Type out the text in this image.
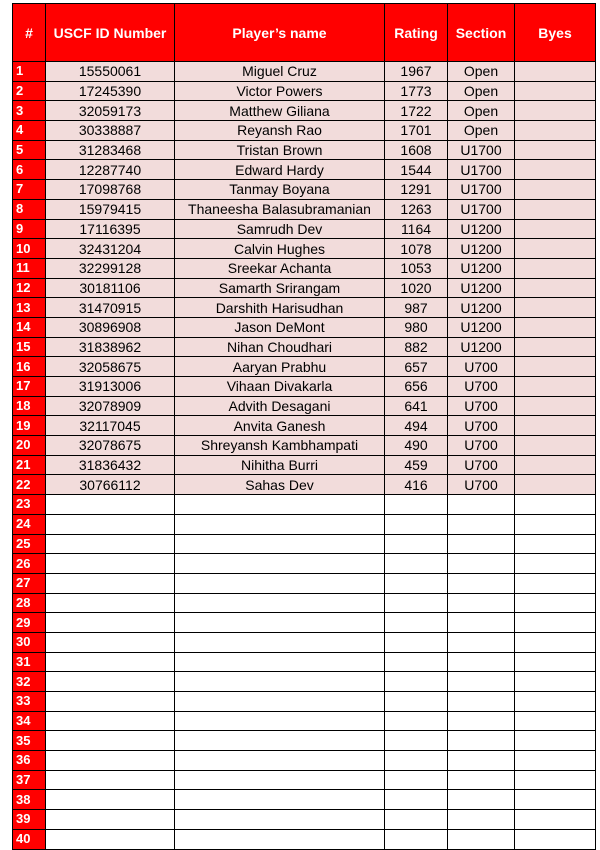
#	USCF ID Number	Player’s name	Rating	Section	Byes
1	15550061	Miguel Cruz	1967	Open	
2	17245390	Victor Powers	1773	Open	
3	32059173	Matthew Giliana	1722	Open	
4	30338887	Reyansh Rao	1701	Open	
5	31283468	Tristan Brown	1608	U1700	
6	12287740	Edward Hardy	1544	U1700	
7	17098768	Tanmay Boyana	1291	U1700	
8	15979415	Thaneesha Balasubramanian	1263	U1700	
9	17116395	Samrudh Dev	1164	U1200	
10	32431204	Calvin Hughes	1078	U1200	
11	32299128	Sreekar Achanta	1053	U1200	
12	30181106	Samarth Srirangam	1020	U1200	
13	31470915	Darshith Harisudhan	987	U1200	
14	30896908	Jason DeMont	980	U1200	
15	31838962	Nihan Choudhari	882	U1200	
16	32058675	Aaryan Prabhu	657	U700	
17	31913006	Vihaan Divakarla	656	U700	
18	32078909	Advith Desagani	641	U700	
19	32117045	Anvita Ganesh	494	U700	
20	32078675	Shreyansh Kambhampati	490	U700	
21	31836432	Nihitha Burri	459	U700	
22	30766112	Sahas Dev	416	U700	
23					
24					
25					
26					
27					
28					
29					
30					
31					
32					
33					
34					
35					
36					
37					
38					
39					
40					
